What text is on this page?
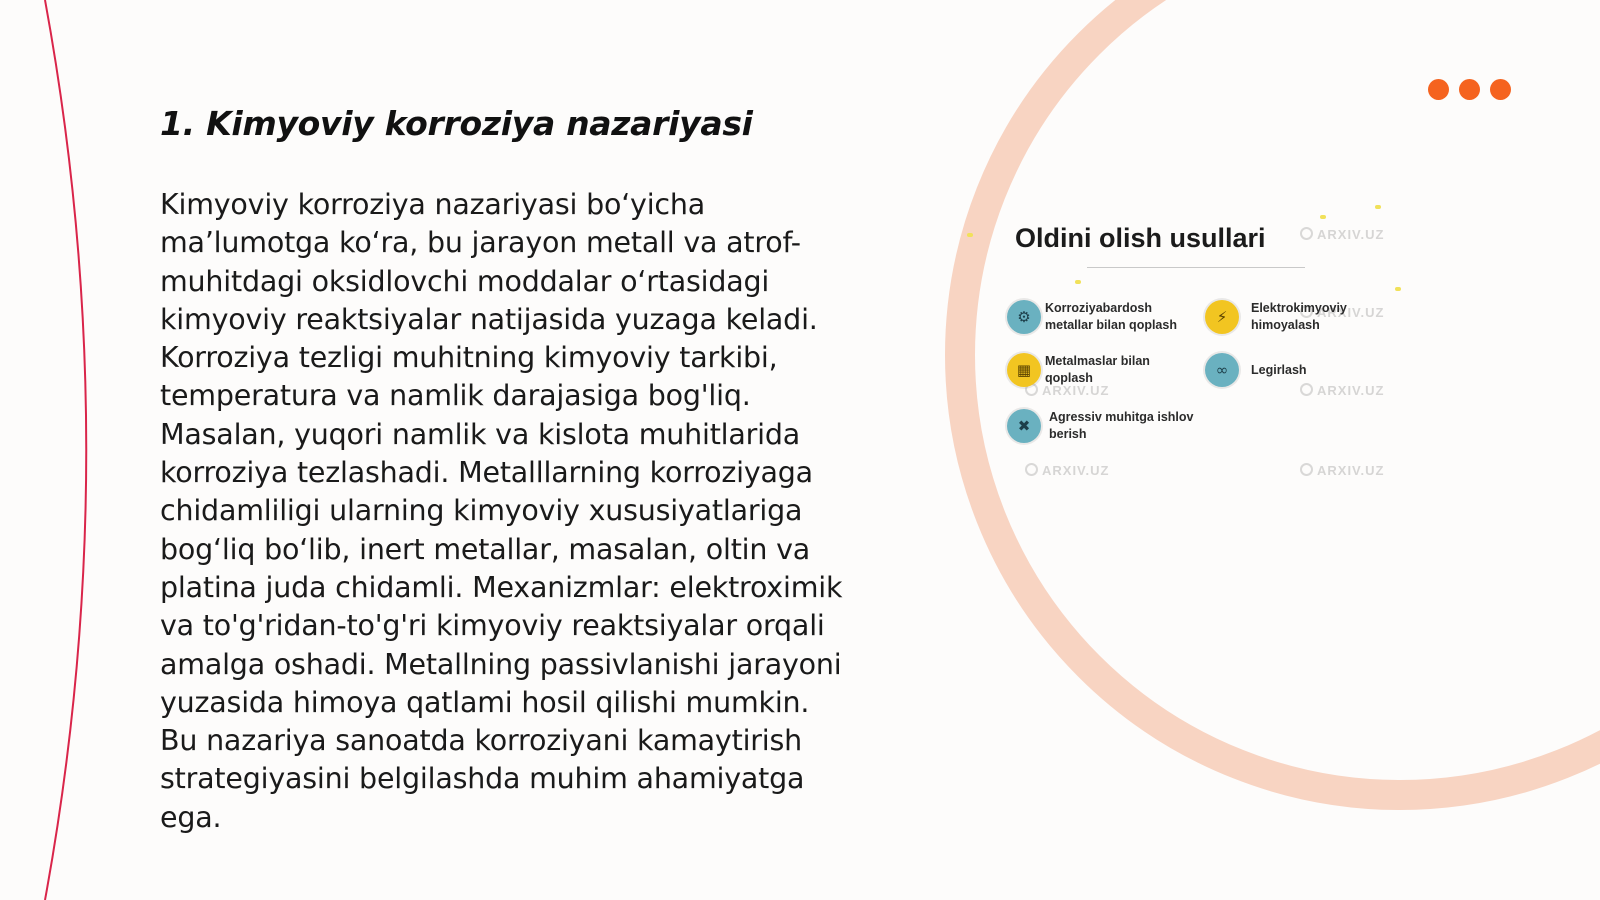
1. Kimyoviy korroziya nazariyasi

Kimyoviy korroziya nazariyasi bo‘yicha ma’lumotga ko‘ra, bu jarayon metall va atrof-muhitdagi oksidlovchi moddalar o‘rtasidagi kimyoviy reaktsiyalar natijasida yuzaga keladi. Korroziya tezligi muhitning kimyoviy tarkibi, temperatura va namlik darajasiga bog'liq. Masalan, yuqori namlik va kislota muhitlarida korroziya tezlashadi. Metalllarning korroziyaga chidamliligi ularning kimyoviy xususiyatlariga bog‘liq bo‘lib, inert metallar, masalan, oltin va platina juda chidamli. Mexanizmlar: elektroximik va to'g'ridan-to'g'ri kimyoviy reaktsiyalar orqali amalga oshadi. Metallning passivlanishi jarayoni yuzasida himoya qatlami hosil qilishi mumkin. Bu nazariya sanoatda korroziyani kamaytirish strategiyasini belgilashda muhim ahamiyatga ega.

ARXIV.UZ
ARXIV.UZ
ARXIV.UZ	ARXIV.UZ
ARXIV.UZ	ARXIV.UZ
Oldini olish usullari
⚙	Korroziyabardosh metallar bilan qoplash	⚡	Elektrokimyoviy himoyalash
▦	Metalmaslar bilan qoplash	∞	Legirlash
✖	Agressiv muhitga ishlov berish
